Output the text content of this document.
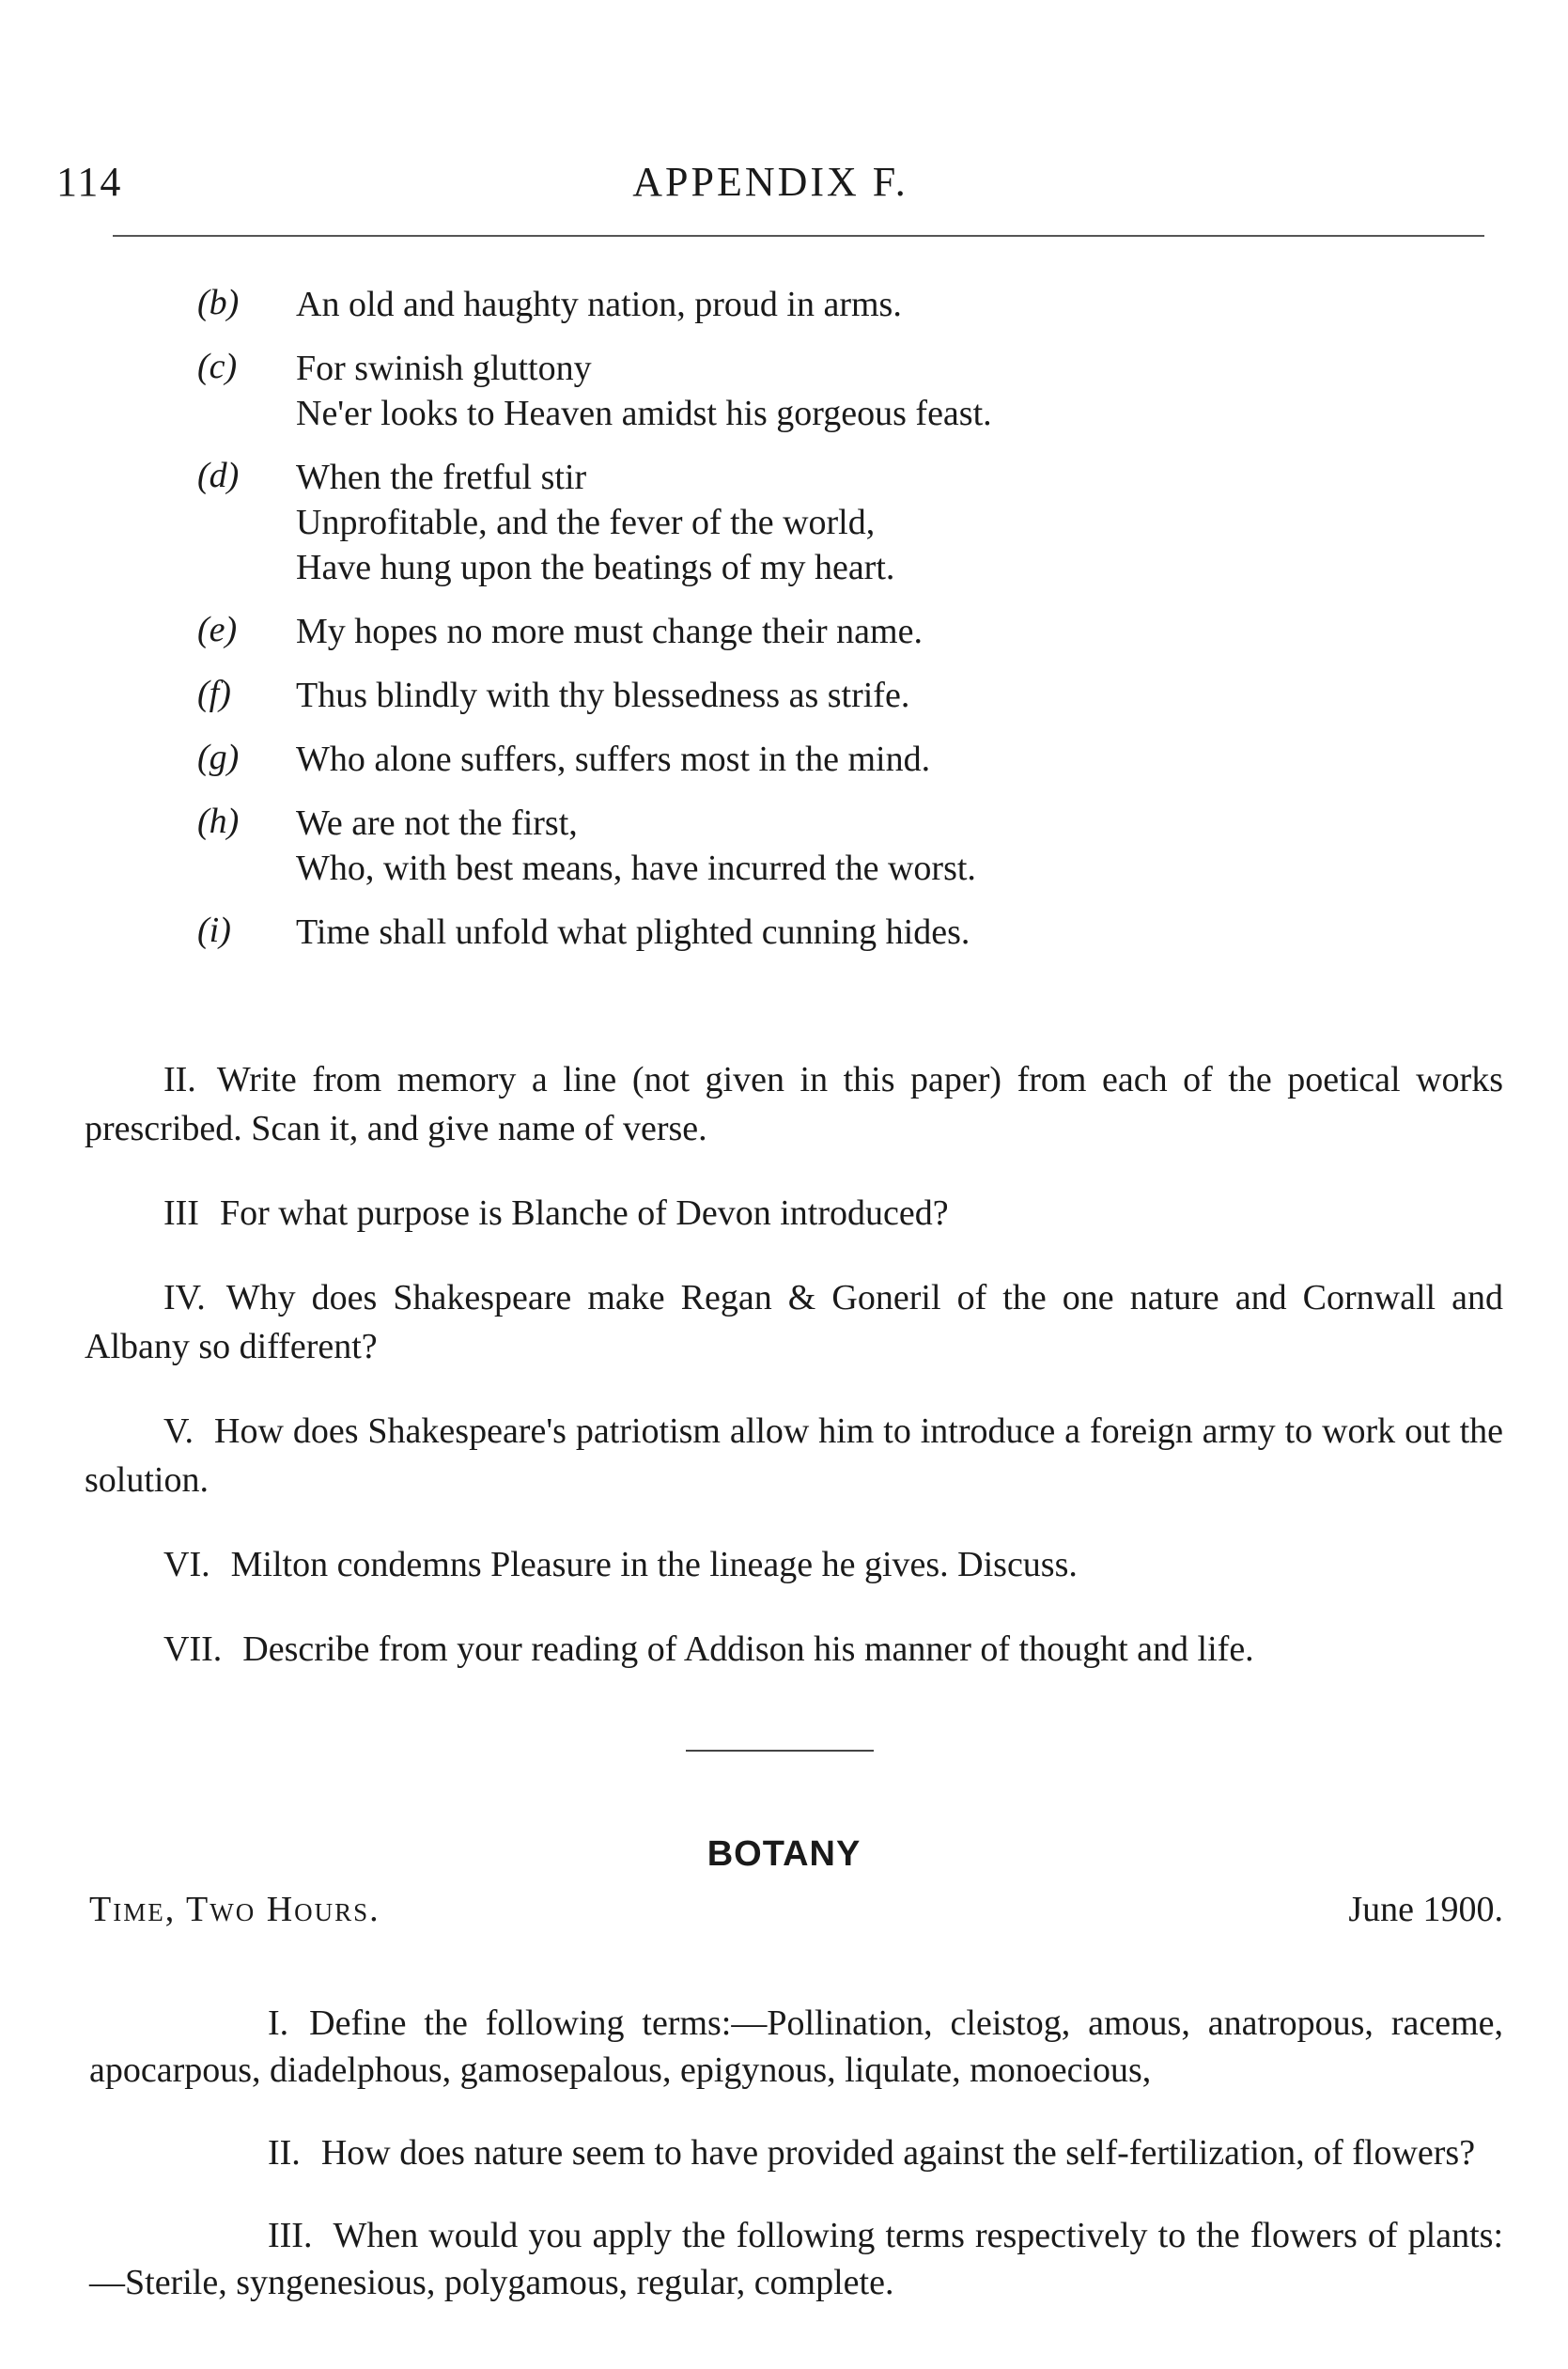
114	APPENDIX F.
(b)	An old and haughty nation, proud in arms.
(c)	For swinish gluttony
Ne'er looks to Heaven amidst his gorgeous feast.
(d)	When the fretful stir
Unprofitable, and the fever of the world,
Have hung upon the beatings of my heart.
(e)	My hopes no more must change their name.
(f)	Thus blindly with thy blessedness as strife.
(g)	Who alone suffers, suffers most in the mind.
(h)	We are not the first,
Who, with best means, have incurred the worst.
(i)	Time shall unfold what plighted cunning hides.

II. Write from memory a line (not given in this paper) from each of the poetical works prescribed. Scan it, and give name of verse.

III For what purpose is Blanche of Devon introduced?

IV. Why does Shakespeare make Regan & Goneril of the one nature and Cornwall and Albany so different?

V. How does Shakespeare's patriotism allow him to introduce a foreign army to work out the solution.

VI. Milton condemns Pleasure in the lineage he gives. Discuss.

VII. Describe from your reading of Addison his manner of thought and life.

BOTANY
Time, Two Hours.	June 1900.

I. Define the following terms:—Pollination, cleistog, amous, anatropous, raceme, apocarpous, diadelphous, gamosepalous, epigynous, liqulate, monoecious,

II. How does nature seem to have provided against the self-fertilization, of flowers?

III. When would you apply the following terms respectively to the flowers of plants:—Sterile, syngenesious, polygamous, regular, complete.
